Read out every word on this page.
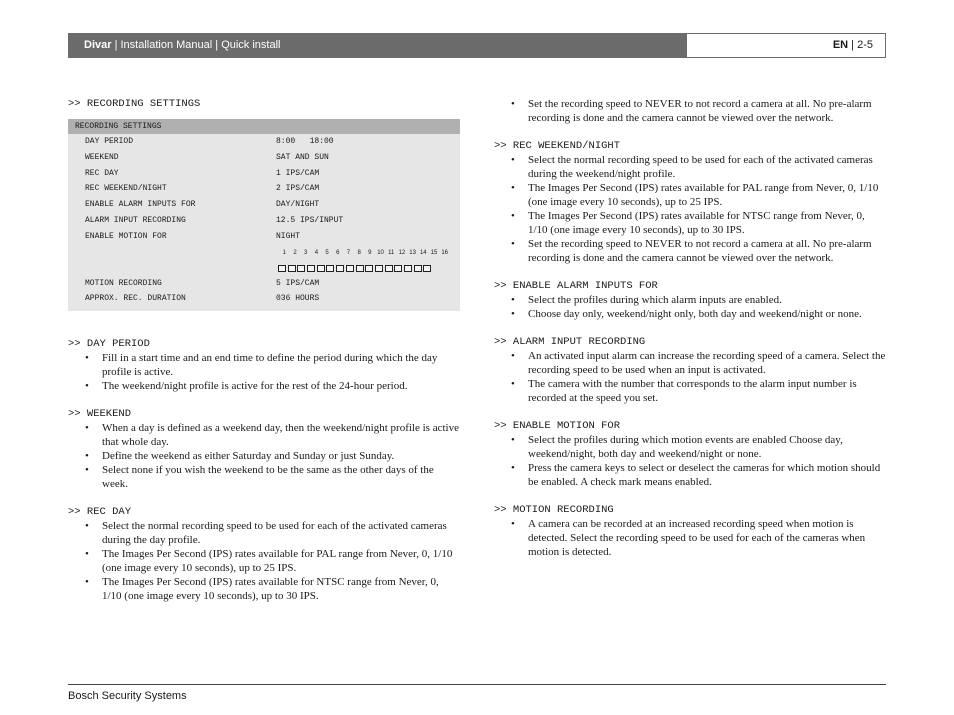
Divar | Installation Manual | Quick install	EN | 2-5

>> RECORDING SETTINGS

RECORDING SETTINGS
DAY PERIOD	8:00   18:00
WEEKEND	SAT AND SUN
REC DAY	1 IPS/CAM
REC WEEKEND/NIGHT	2 IPS/CAM
ENABLE ALARM INPUTS FOR	DAY/NIGHT
ALARM INPUT RECORDING	12.5 IPS/INPUT
ENABLE MOTION FOR	NIGHT
1	2	3	4	5	6	7	8	9 10 11 12 13 14 15 16
MOTION RECORDING	5 IPS/CAM
APPROX. REC. DURATION	036 HOURS

>> DAY PERIOD

• Fill in a start time and an end time to define the period during which the day profile is active.
• The weekend/night profile is active for the rest of the 24-hour period.

>> WEEKEND

• When a day is defined as a weekend day, then the weekend/night profile is active that whole day.
• Define the weekend as either Saturday and Sunday or just Sunday.
• Select none if you wish the weekend to be the same as the other days of the week.

>> REC DAY

• Select the normal recording speed to be used for each of the activated cameras during the day profile.
• The Images Per Second (IPS) rates available for PAL range from Never, 0, 1/10 (one image every 10 seconds), up to 25 IPS.
• The Images Per Second (IPS) rates available for NTSC range from Never, 0, 1/10 (one image every 10 seconds), up to 30 IPS.
• Set the recording speed to NEVER to not record a camera at all. No pre-alarm recording is done and the camera cannot be viewed over the network.

>> REC WEEKEND/NIGHT

• Select the normal recording speed to be used for each of the activated cameras during the weekend/night profile.
• The Images Per Second (IPS) rates available for PAL range from Never, 0, 1/10 (one image every 10 seconds), up to 25 IPS.
• The Images Per Second (IPS) rates available for NTSC range from Never, 0, 1/10 (one image every 10 seconds), up to 30 IPS.
• Set the recording speed to NEVER to not record a camera at all. No pre-alarm recording is done and the camera cannot be viewed over the network.

>> ENABLE ALARM INPUTS FOR

• Select the profiles during which alarm inputs are enabled.
• Choose day only, weekend/night only, both day and weekend/night or none.

>> ALARM INPUT RECORDING

• An activated input alarm can increase the recording speed of a camera. Select the recording speed to be used when an input is activated.
• The camera with the number that corresponds to the alarm input number is recorded at the speed you set.

>> ENABLE MOTION FOR

• Select the profiles during which motion events are enabled Choose day, weekend/night, both day and weekend/night or none.
• Press the camera keys to select or deselect the cameras for which motion should be enabled. A check mark means enabled.

>> MOTION RECORDING

• A camera can be recorded at an increased recording speed when motion is detected. Select the recording speed to be used for each of the cameras when motion is detected.
Bosch Security Systems
